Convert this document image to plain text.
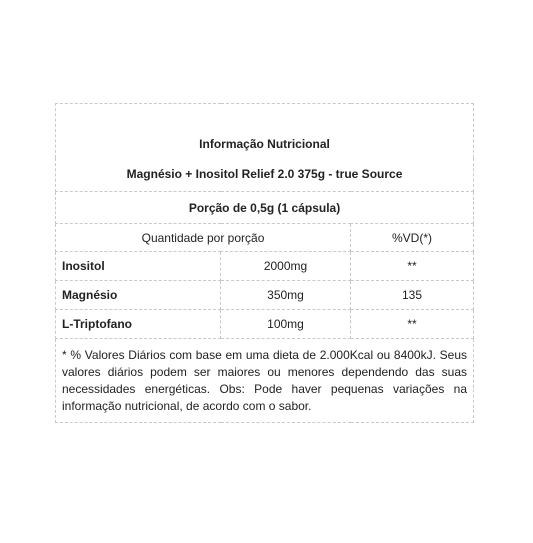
Informação Nutricional		
Magnésio + Inositol Relief 2.0 375g - true Source		
Porção de 0,5g (1 cápsula)		
Quantidade por porção		%VD(*)
Inositol	2000mg	**
Magnésio	350mg	135
L-Triptofano	100mg	**
* % Valores Diários com base em uma dieta de 2.000Kcal ou 8400kJ. Seus valores diários podem ser maiores ou menores dependendo das suas necessidades energéticas. Obs: Pode haver pequenas variações na informação nutricional, de acordo com o sabor.		
